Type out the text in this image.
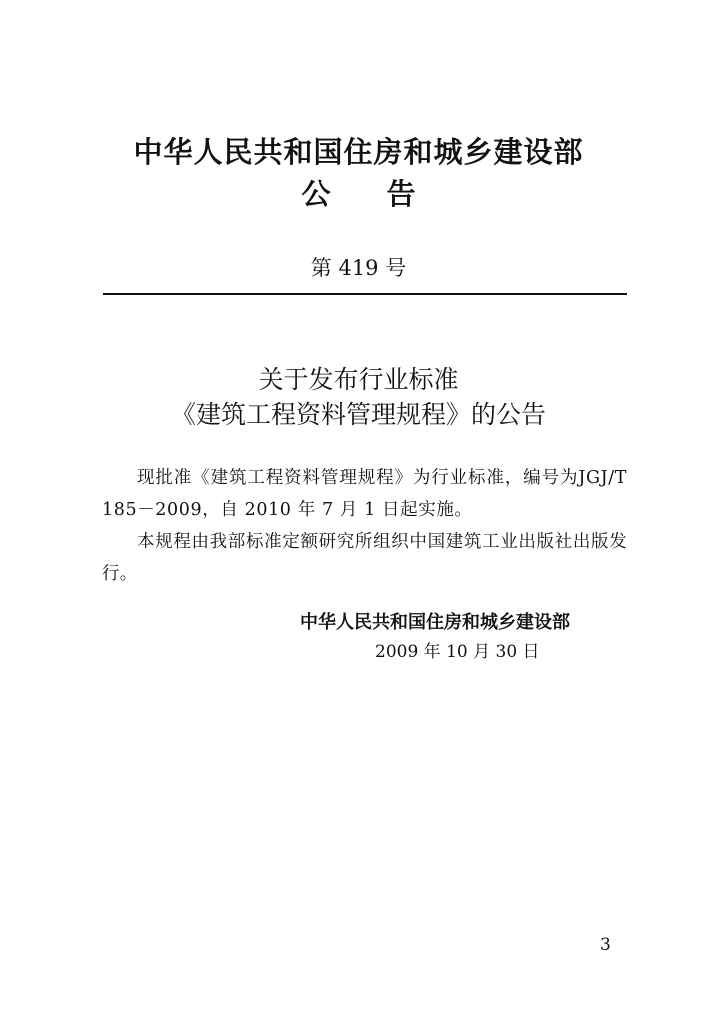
中华人民共和国住房和城乡建设部
公告
第 419 号
关于发布行业标准
《建筑工程资料管理规程》的公告

现批准《建筑工程资料管理规程》为行业标准，编号为JGJ/T 185－2009，自 2010 年 7 月 1 日起实施。

本规程由我部标准定额研究所组织中国建筑工业出版社出版发行。

中华人民共和国住房和城乡建设部
2009 年 10 月 30 日
3
